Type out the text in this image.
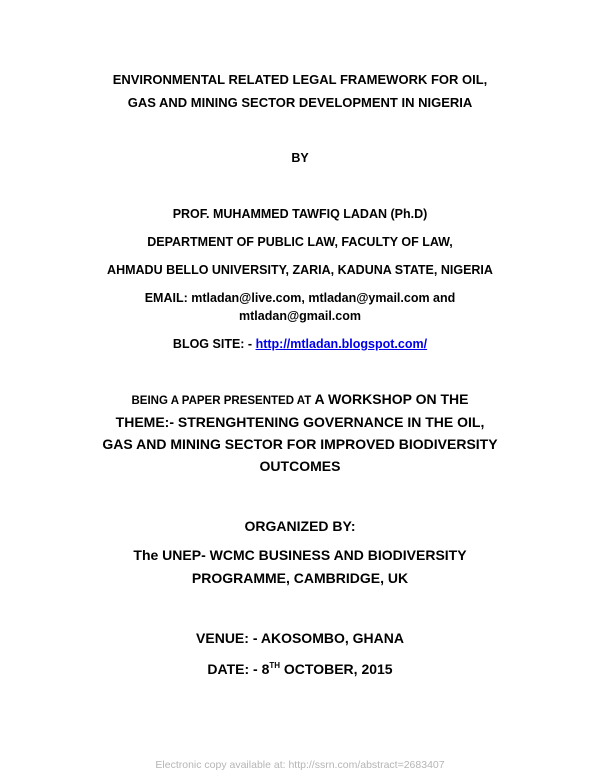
ENVIRONMENTAL RELATED LEGAL FRAMEWORK FOR OIL,
GAS AND MINING SECTOR DEVELOPMENT IN NIGERIA
BY
PROF. MUHAMMED TAWFIQ LADAN (Ph.D)
DEPARTMENT OF PUBLIC LAW, FACULTY OF LAW,
AHMADU BELLO UNIVERSITY, ZARIA, KADUNA STATE, NIGERIA
EMAIL: mtladan@live.com, mtladan@ymail.com and
mtladan@gmail.com
BLOG SITE: - http://mtladan.blogspot.com/
BEING A PAPER PRESENTED AT A WORKSHOP ON THE
THEME:- STRENGHTENING GOVERNANCE IN THE OIL,
GAS AND MINING SECTOR FOR IMPROVED BIODIVERSITY
OUTCOMES
ORGANIZED BY:
The UNEP- WCMC BUSINESS AND BIODIVERSITY
PROGRAMME, CAMBRIDGE, UK
VENUE: - AKOSOMBO, GHANA
DATE: - 8TH OCTOBER, 2015
Electronic copy available at: http://ssrn.com/abstract=2683407
